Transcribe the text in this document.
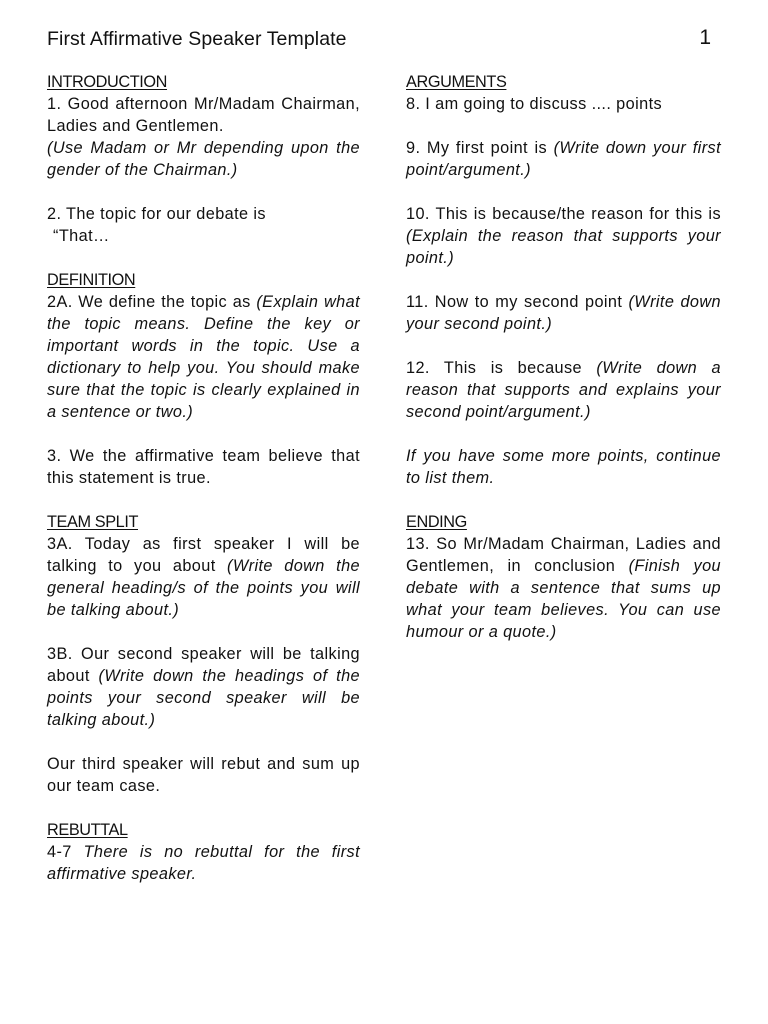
First Affirmative Speaker Template	1

INTRODUCTION

1. Good afternoon Mr/Madam Chairman, Ladies and Gentlemen.

(Use Madam or Mr depending upon the gender of the Chairman.)

2. The topic for our debate is
“That…

DEFINITION

2A. We define the topic as (Explain what the topic means. Define the key or important words in the topic. Use a dictionary to help you. You should make sure that the topic is clearly explained in a sentence or two.)

3. We the affirmative team believe that this statement is true.

TEAM SPLIT

3A. Today as first speaker I will be talking to you about (Write down the general heading/s of the points you will be talking about.)

3B. Our second speaker will be talking about (Write down the headings of the points your second speaker will be talking about.)

Our third speaker will rebut and sum up our team case.

REBUTTAL

4-7 There is no rebuttal for the first affirmative speaker.

ARGUMENTS

8. I am going to discuss .... points

9. My first point is (Write down your first point/argument.)

10. This is because/the reason for this is (Explain the reason that supports your point.)

11. Now to my second point (Write down your second point.)

12. This is because (Write down a reason that supports and explains your second point/argument.)

If you have some more points, continue to list them.

ENDING

13. So Mr/Madam Chairman, Ladies and Gentlemen, in conclusion (Finish you debate with a sentence that sums up what your team believes. You can use humour or a quote.)
